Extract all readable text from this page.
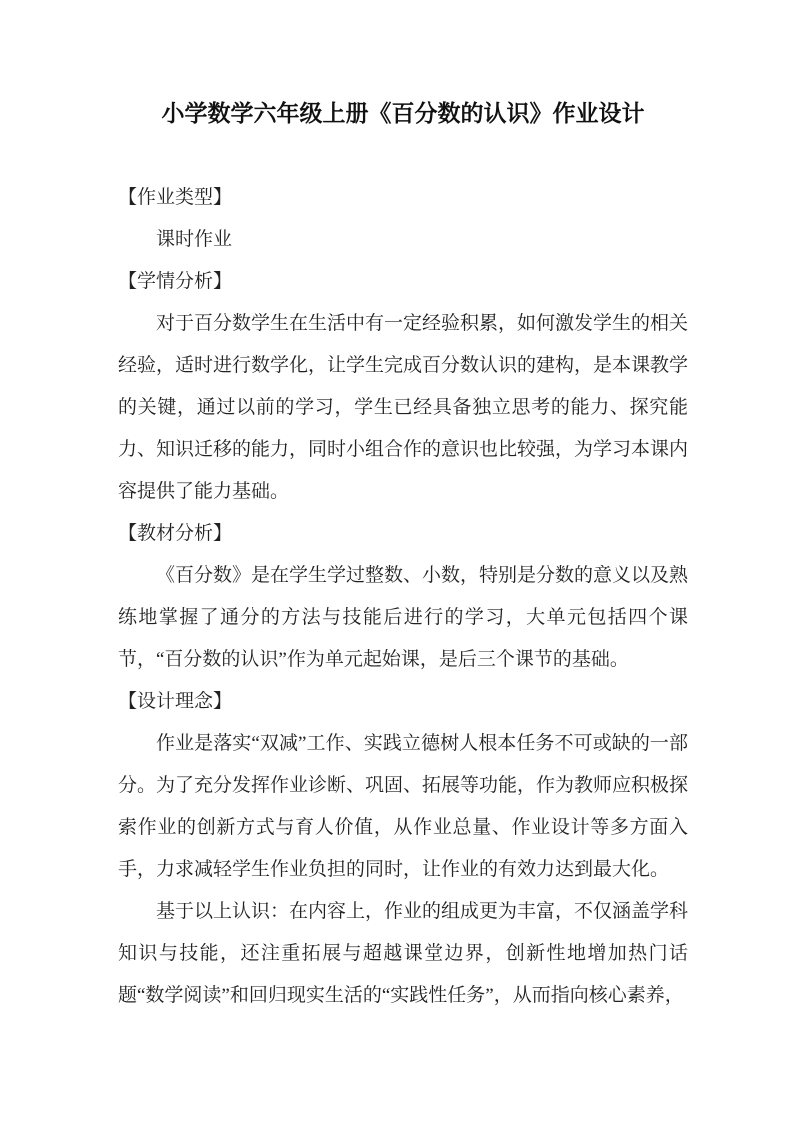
小学数学六年级上册《百分数的认识》作业设计
【作业类型】
课时作业
【学情分析】
对于百分数学生在生活中有一定经验积累，如何激发学生的相关经验，适时进行数学化，让学生完成百分数认识的建构，是本课教学的关键，通过以前的学习，学生已经具备独立思考的能力、探究能力、知识迁移的能力，同时小组合作的意识也比较强，为学习本课内容提供了能力基础。
【教材分析】
《百分数》是在学生学过整数、小数，特别是分数的意义以及熟练地掌握了通分的方法与技能后进行的学习，大单元包括四个课节，“百分数的认识”作为单元起始课，是后三个课节的基础。
【设计理念】
作业是落实“双减”工作、实践立德树人根本任务不可或缺的一部分。为了充分发挥作业诊断、巩固、拓展等功能，作为教师应积极探索作业的创新方式与育人价值，从作业总量、作业设计等多方面入手，力求减轻学生作业负担的同时，让作业的有效力达到最大化。
基于以上认识：在内容上，作业的组成更为丰富，不仅涵盖学科知识与技能，还注重拓展与超越课堂边界，创新性地增加热门话题“数学阅读”和回归现实生活的“实践性任务”，从而指向核心素养，
